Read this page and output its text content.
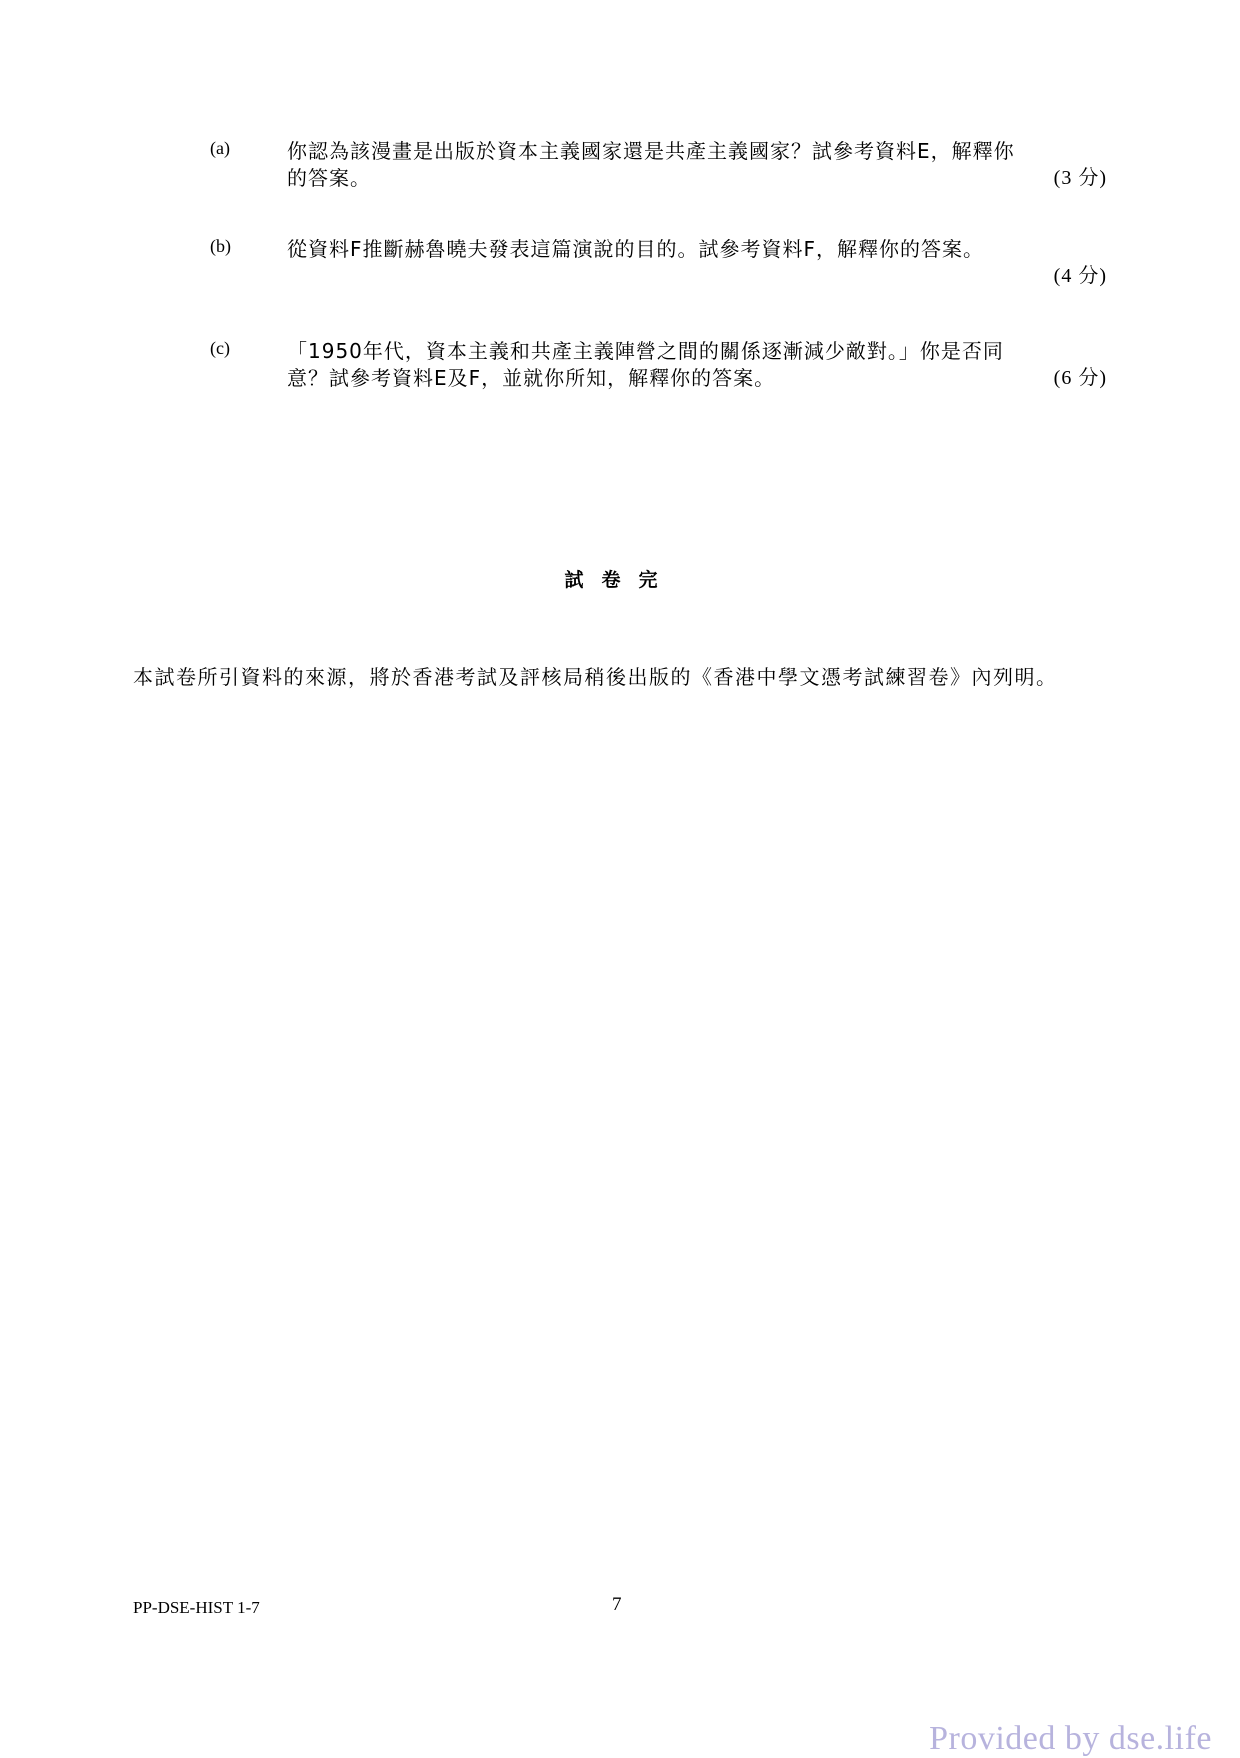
(a)	你認為該漫畫是出版於資本主義國家還是共產主義國家？試參考資料E，解釋你
的答案。	(3 分)
(b)	從資料F推斷赫魯曉夫發表這篇演說的目的。試參考資料F，解釋你的答案。

(4 分)
(c)	「1950年代，資本主義和共產主義陣營之間的關係逐漸減少敵對。」你是否同
意？試參考資料E及F，並就你所知，解釋你的答案。	(6 分)
試卷完
本試卷所引資料的來源，將於香港考試及評核局稍後出版的《香港中學文憑考試練習卷》內列明。
PP-DSE-HIST 1-7	7
Provided by dse.life
